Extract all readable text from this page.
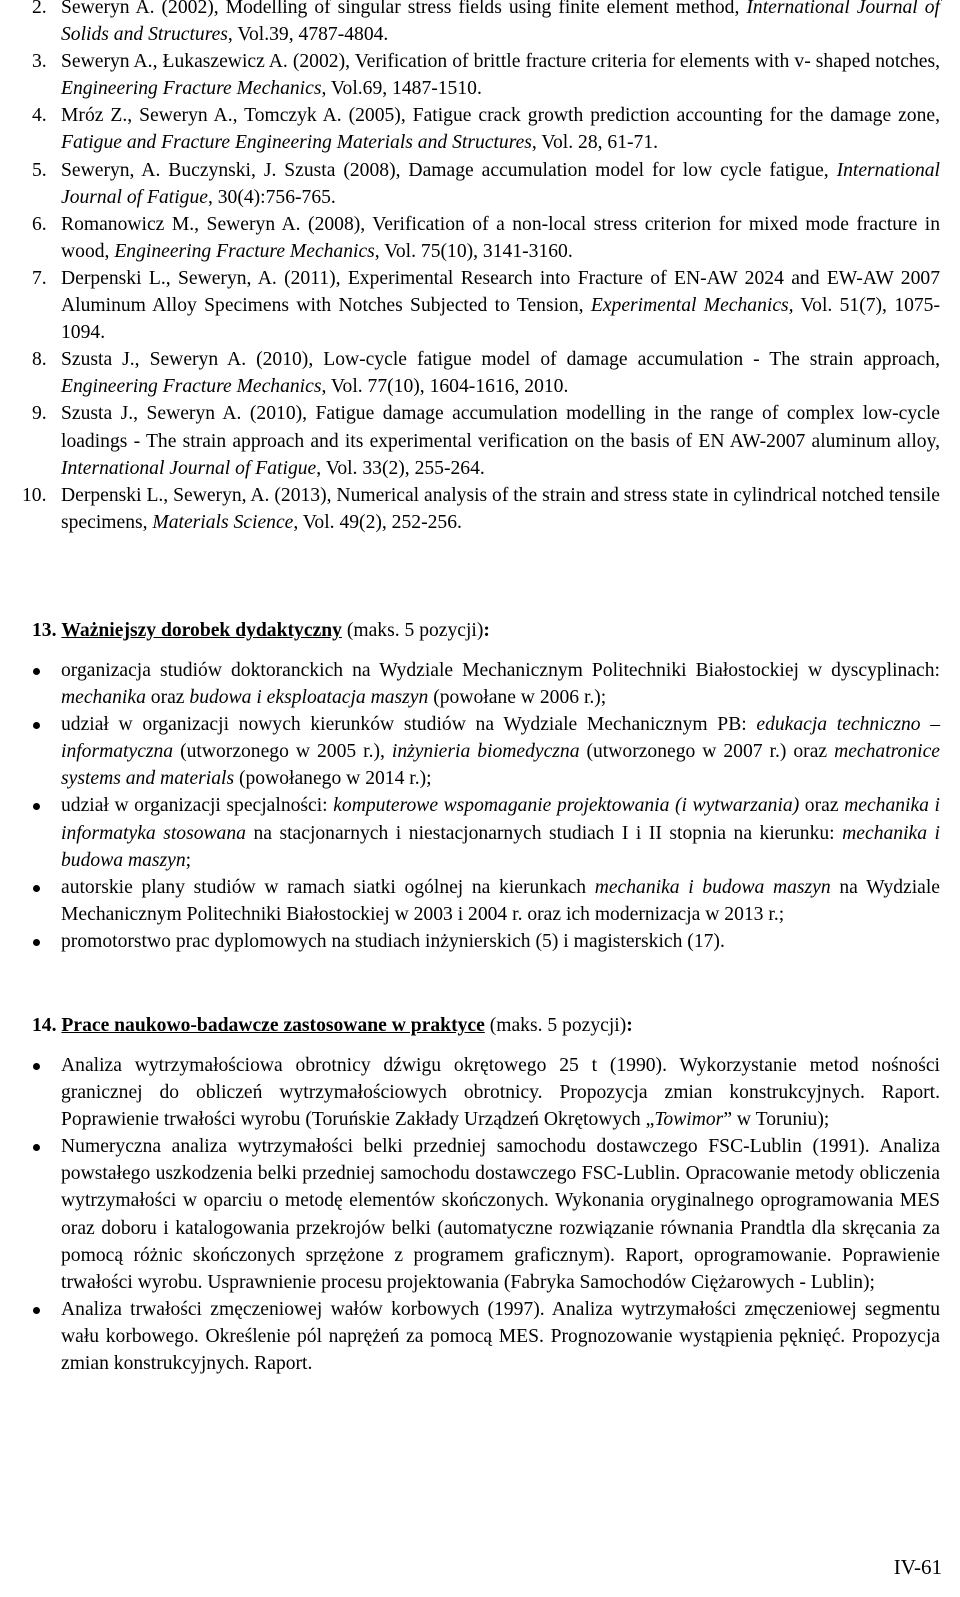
2. Seweryn A. (2002), Modelling of singular stress fields using finite element method, International Journal of Solids and Structures, Vol.39, 4787-4804.
3. Seweryn A., Łukaszewicz A. (2002), Verification of brittle fracture criteria for elements with v- shaped notches, Engineering Fracture Mechanics, Vol.69, 1487-1510.
4. Mróz Z., Seweryn A., Tomczyk A. (2005), Fatigue crack growth prediction accounting for the damage zone, Fatigue and Fracture Engineering Materials and Structures, Vol. 28, 61-71.
5. Seweryn, A. Buczynski, J. Szusta (2008), Damage accumulation model for low cycle fatigue, International Journal of Fatigue, 30(4):756-765.
6. Romanowicz M., Seweryn A. (2008), Verification of a non-local stress criterion for mixed mode fracture in wood, Engineering Fracture Mechanics, Vol. 75(10), 3141-3160.
7. Derpenski L., Seweryn, A. (2011), Experimental Research into Fracture of EN-AW 2024 and EW-AW 2007 Aluminum Alloy Specimens with Notches Subjected to Tension, Experimental Mechanics, Vol. 51(7), 1075-1094.
8. Szusta J., Seweryn A. (2010), Low-cycle fatigue model of damage accumulation - The strain approach, Engineering Fracture Mechanics, Vol. 77(10), 1604-1616, 2010.
9. Szusta J., Seweryn A. (2010), Fatigue damage accumulation modelling in the range of complex low-cycle loadings - The strain approach and its experimental verification on the basis of EN AW-2007 aluminum alloy, International Journal of Fatigue, Vol. 33(2), 255-264.
10. Derpenski L., Seweryn, A. (2013), Numerical analysis of the strain and stress state in cylindrical notched tensile specimens, Materials Science, Vol. 49(2), 252-256.
13. Ważniejszy dorobek dydaktyczny (maks. 5 pozycji):
organizacja studiów doktoranckich na Wydziale Mechanicznym Politechniki Białostockiej w dyscyplinach: mechanika oraz budowa i eksploatacja maszyn (powołane w 2006 r.);
udział w organizacji nowych kierunków studiów na Wydziale Mechanicznym PB: edukacja techniczno – informatyczna (utworzonego w 2005 r.), inżynieria biomedyczna (utworzonego w 2007 r.) oraz mechatronice systems and materials (powołanego w 2014 r.);
udział w organizacji specjalności: komputerowe wspomaganie projektowania (i wytwarzania) oraz mechanika i informatyka stosowana na stacjonarnych i niestacjonarnych studiach I i II stopnia na kierunku: mechanika i budowa maszyn;
autorskie plany studiów w ramach siatki ogólnej na kierunkach mechanika i budowa maszyn na Wydziale Mechanicznym Politechniki Białostockiej w 2003 i 2004 r. oraz ich modernizacja w 2013 r.;
promotorstwo prac dyplomowych na studiach inżynierskich (5) i magisterskich (17).
14. Prace naukowo-badawcze zastosowane w praktyce (maks. 5 pozycji):
Analiza wytrzymałościowa obrotnicy dźwigu okrętowego 25 t (1990). Wykorzystanie metod nośności granicznej do obliczeń wytrzymałościowych obrotnicy. Propozycja zmian konstrukcyjnych. Raport. Poprawienie trwałości wyrobu (Toruńskie Zakłady Urządzeń Okrętowych „Towimor” w Toruniu);
Numeryczna analiza wytrzymałości belki przedniej samochodu dostawczego FSC-Lublin (1991). Analiza powstałego uszkodzenia belki przedniej samochodu dostawczego FSC-Lublin. Opracowanie metody obliczenia wytrzymałości w oparciu o metodę elementów skończonych. Wykonania oryginalnego oprogramowania MES oraz doboru i katalogowania przekrojów belki (automatyczne rozwiązanie równania Prandtla dla skręcania za pomocą różnic skończonych sprzężone z programem graficznym). Raport, oprogramowanie. Poprawienie trwałości wyrobu. Usprawnienie procesu projektowania (Fabryka Samochodów Ciężarowych - Lublin);
Analiza trwałości zmęczeniowej wałów korbowych (1997). Analiza wytrzymałości zmęczeniowej segmentu wału korbowego. Określenie pól naprężeń za pomocą MES. Prognozowanie wystąpienia pęknięć. Propozycja zmian konstrukcyjnych. Raport.
IV-61
